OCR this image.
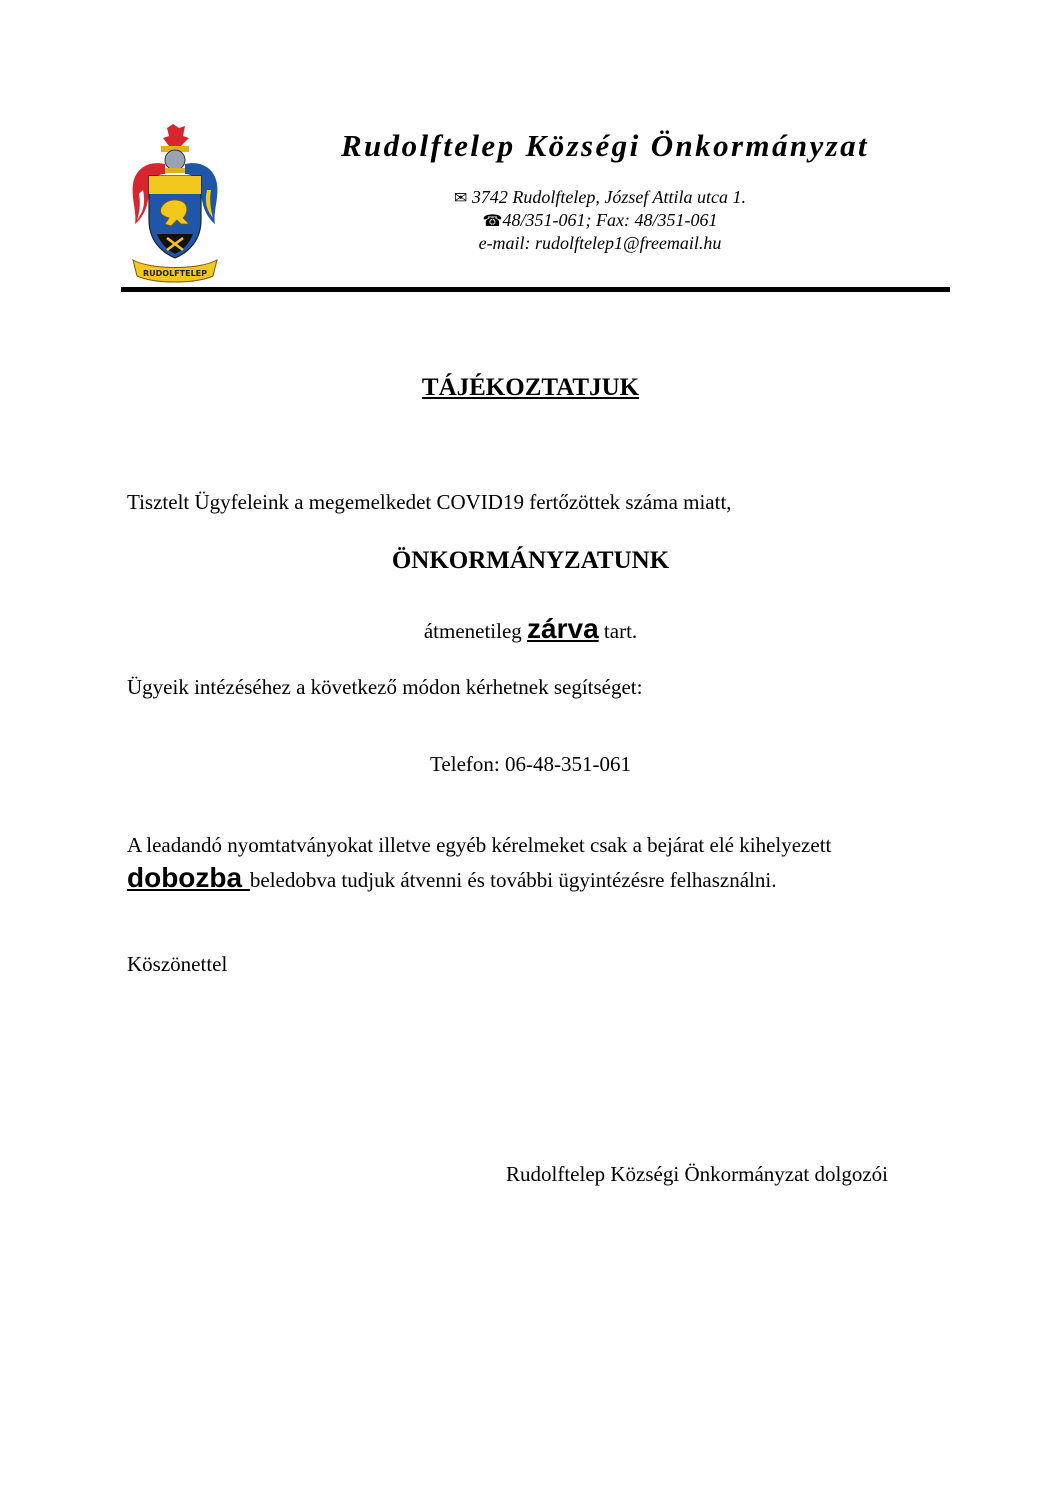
RUDOLFTELEP
Rudolftelep Községi Önkormányzat
✉ 3742 Rudolftelep, József Attila utca 1.
☎48/351-061; Fax: 48/351-061
e-mail: rudolftelep1@freemail.hu
TÁJÉKOZTATJUK
Tisztelt Ügyfeleink a megemelkedet COVID19 fertőzöttek száma miatt,
ÖNKORMÁNYZATUNK
átmenetileg zárva tart.
Ügyeik intézéséhez a következő módon kérhetnek segítséget:
Telefon: 06-48-351-061
A leadandó nyomtatványokat illetve egyéb kérelmeket csak a bejárat elé kihelyezett
dobozba beledobva tudjuk átvenni és további ügyintézésre felhasználni.
Köszönettel
Rudolftelep Községi Önkormányzat dolgozói
